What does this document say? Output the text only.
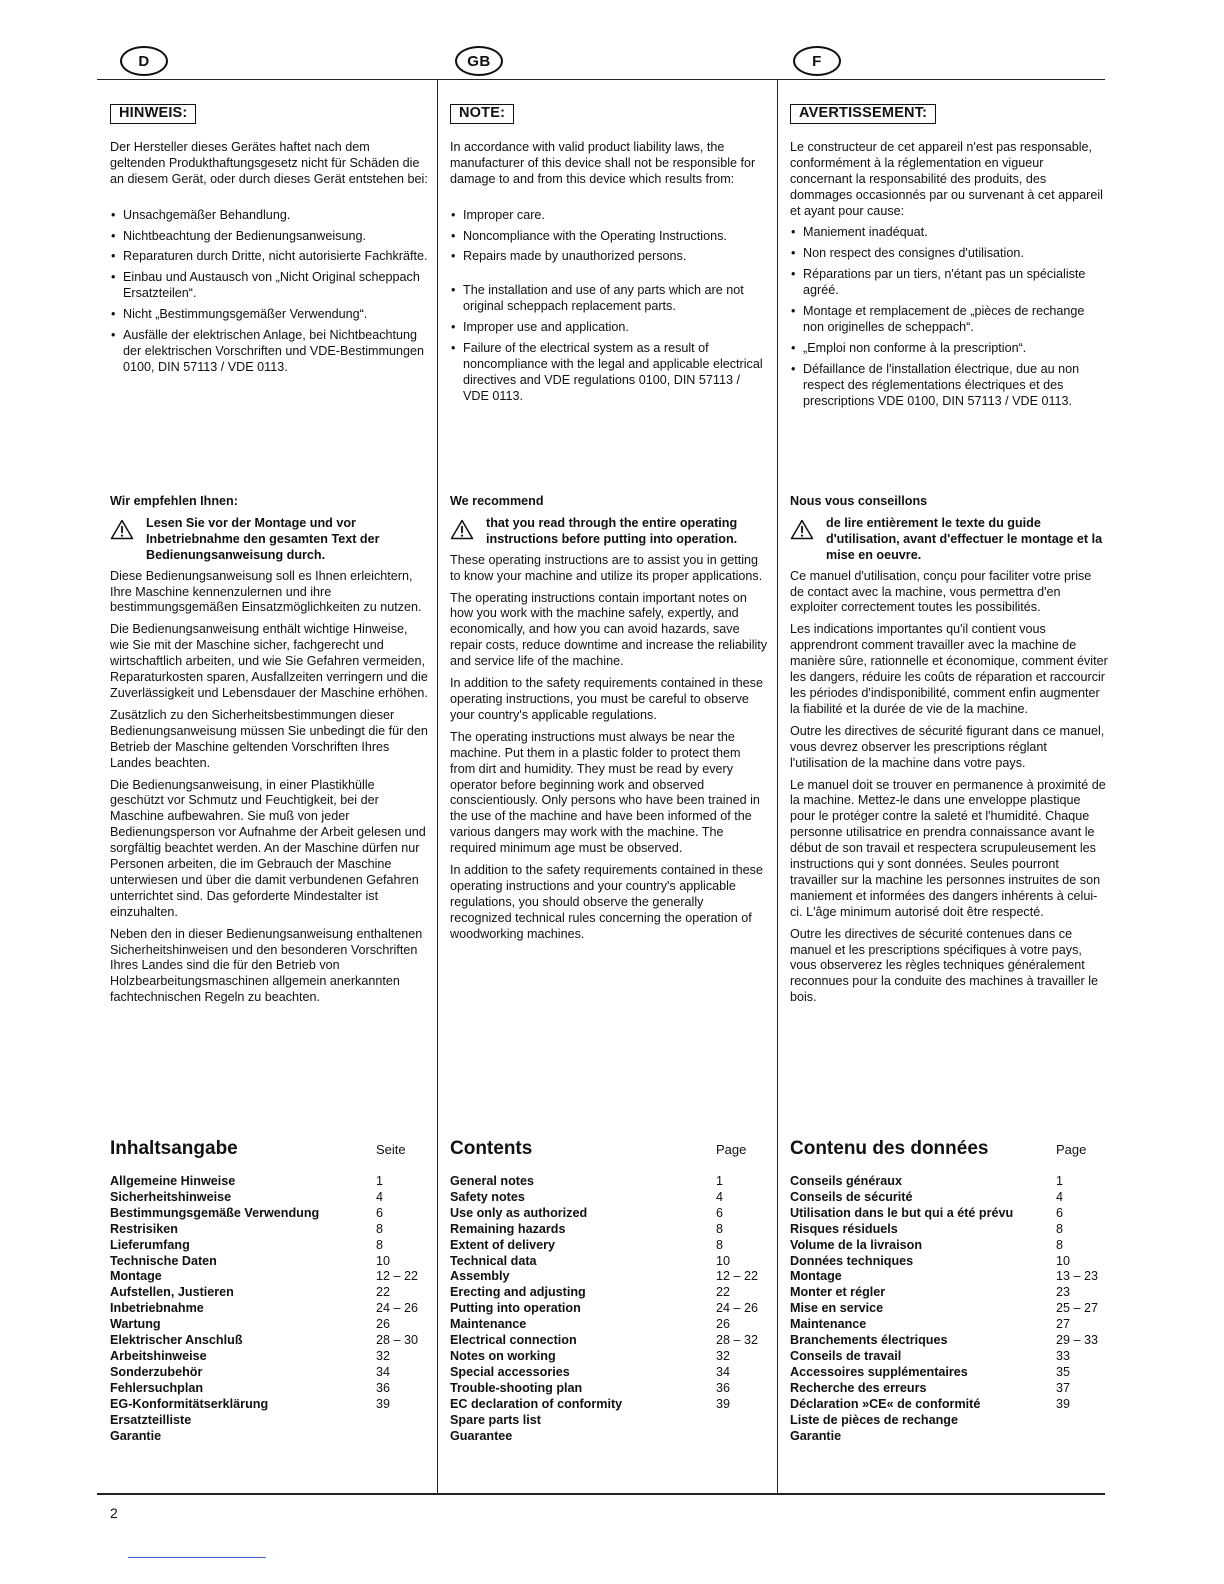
D	GB	F
HINWEIS:

Der Hersteller dieses Gerätes haftet nach dem geltenden Produkthaftungsgesetz nicht für Schäden die an diesem Gerät, oder durch dieses Gerät entstehen bei:

• Unsachgemäßer Behandlung.
• Nichtbeachtung der Bedienungsanweisung.
• Reparaturen durch Dritte, nicht autorisierte Fachkräfte.
• Einbau und Austausch von „Nicht Original scheppach Ersatzteilen“.
• Nicht „Bestimmungsgemäßer Verwendung“.
• Ausfälle der elektrischen Anlage, bei Nichtbeachtung der elektrischen Vorschriften und VDE-Bestimmungen 0100, DIN 57113 / VDE 0113.
NOTE:

In accordance with valid product liability laws, the manufacturer of this device shall not be responsible for damage to and from this device which results from:

• Improper care.
• Noncompliance with the Operating Instructions.
• Repairs made by unauthorized persons.
• The installation and use of any parts which are not original scheppach replacement parts.
• Improper use and application.
• Failure of the electrical system as a result of noncompliance with the legal and applicable electrical directives and VDE regulations 0100, DIN 57113 / VDE 0113.
AVERTISSEMENT:

Le constructeur de cet appareil n'est pas responsable, conformément à la réglementation en vigueur concernant la responsabilité des produits, des dommages occasionnés par ou survenant à cet appareil et ayant pour cause:

• Maniement inadéquat.
• Non respect des consignes d'utilisation.
• Réparations par un tiers, n'étant pas un spécialiste agréé.
• Montage et remplacement de „pièces de rechange non originelles de scheppach“.
• „Emploi non conforme à la prescription“.
• Défaillance de l'installation électrique, due au non respect des réglementations électriques et des prescriptions VDE 0100, DIN 57113 / VDE 0113.
Wir empfehlen Ihnen:
Lesen Sie vor der Montage und vor Inbetriebnahme den gesamten Text der Bedienungsanweisung durch.

Diese Bedienungsanweisung soll es Ihnen erleichtern, Ihre Maschine kennenzulernen und ihre bestimmungsgemäßen Einsatzmöglichkeiten zu nutzen.

Die Bedienungsanweisung enthält wichtige Hinweise, wie Sie mit der Maschine sicher, fachgerecht und wirtschaftlich arbeiten, und wie Sie Gefahren vermeiden, Reparaturkosten sparen, Ausfallzeiten verringern und die Zuverlässigkeit und Lebensdauer der Maschine erhöhen.

Zusätzlich zu den Sicherheitsbestimmungen dieser Bedienungsanweisung müssen Sie unbedingt die für den Betrieb der Maschine geltenden Vorschriften Ihres Landes beachten.

Die Bedienungsanweisung, in einer Plastikhülle geschützt vor Schmutz und Feuchtigkeit, bei der Maschine aufbewahren. Sie muß von jeder Bedienungsperson vor Aufnahme der Arbeit gelesen und sorgfältig beachtet werden. An der Maschine dürfen nur Personen arbeiten, die im Gebrauch der Maschine unterwiesen und über die damit verbundenen Gefahren unterrichtet sind. Das geforderte Mindestalter ist einzuhalten.

Neben den in dieser Bedienungsanweisung enthaltenen Sicherheitshinweisen und den besonderen Vorschriften Ihres Landes sind die für den Betrieb von Holzbearbeitungsmaschinen allgemein anerkannten fachtechnischen Regeln zu beachten.

We recommend
that you read through the entire operating instructions before putting into operation.

These operating instructions are to assist you in getting to know your machine and utilize its proper applications.

The operating instructions contain important notes on how you work with the machine safely, expertly, and economically, and how you can avoid hazards, save repair costs, reduce downtime and increase the reliability and service life of the machine.

In addition to the safety requirements contained in these operating instructions, you must be careful to observe your country's applicable regulations.

The operating instructions must always be near the machine. Put them in a plastic folder to protect them from dirt and humidity. They must be read by every operator before beginning work and observed conscientiously. Only persons who have been trained in the use of the machine and have been informed of the various dangers may work with the machine. The required minimum age must be observed.

In addition to the safety requirements contained in these operating instructions and your country's applicable regulations, you should observe the generally recognized technical rules concerning the operation of woodworking machines.

Nous vous conseillons
de lire entièrement le texte du guide d'utilisation, avant d'effectuer le montage et la mise en oeuvre.

Ce manuel d'utilisation, conçu pour faciliter votre prise de contact avec la machine, vous permettra d'en exploiter correctement toutes les possibilités.

Les indications importantes qu'il contient vous apprendront comment travailler avec la machine de manière sûre, rationnelle et économique, comment éviter les dangers, réduire les coûts de réparation et raccourcir les périodes d'indisponibilité, comment enfin augmenter la fiabilité et la durée de vie de la machine.

Outre les directives de sécurité figurant dans ce manuel, vous devrez observer les prescriptions réglant l'utilisation de la machine dans votre pays.

Le manuel doit se trouver en permanence à proximité de la machine. Mettez-le dans une enveloppe plastique pour le protéger contre la saleté et l'humidité. Chaque personne utilisatrice en prendra connaissance avant le début de son travail et respectera scrupuleusement les instructions qui y sont données. Seules pourront travailler sur la machine les personnes instruites de son maniement et informées des dangers inhérents à celui-ci. L'âge minimum autorisé doit être respecté.

Outre les directives de sécurité contenues dans ce manuel et les prescriptions spécifiques à votre pays, vous observerez les règles techniques généralement reconnues pour la conduite des machines à travailler le bois.

Inhaltsangabe	Seite
Allgemeine Hinweise	1
Sicherheitshinweise	4
Bestimmungsgemäße Verwendung	6
Restrisiken	8
Lieferumfang	8
Technische Daten	10
Montage	12 – 22
Aufstellen, Justieren	22
Inbetriebnahme	24 – 26
Wartung	26
Elektrischer Anschluß	28 – 30
Arbeitshinweise	32
Sonderzubehör	34
Fehlersuchplan	36
EG-Konformitätserklärung	39
Ersatzteilliste
Garantie
Contents	Page
General notes	1
Safety notes	4
Use only as authorized	6
Remaining hazards	8
Extent of delivery	8
Technical data	10
Assembly	12 – 22
Erecting and adjusting	22
Putting into operation	24 – 26
Maintenance	26
Electrical connection	28 – 32
Notes on working	32
Special accessories	34
Trouble-shooting plan	36
EC declaration of conformity	39
Spare parts list
Guarantee
Contenu des données	Page
Conseils généraux	1
Conseils de sécurité	4
Utilisation dans le but qui a été prévu	6
Risques résiduels	8
Volume de la livraison	8
Données techniques	10
Montage	13 – 23
Monter et régler	23
Mise en service	25 – 27
Maintenance	27
Branchements électriques	29 – 33
Conseils de travail	33
Accessoires supplémentaires	35
Recherche des erreurs	37
Déclaration »CE« de conformité	39
Liste de pièces de rechange
Garantie
2
